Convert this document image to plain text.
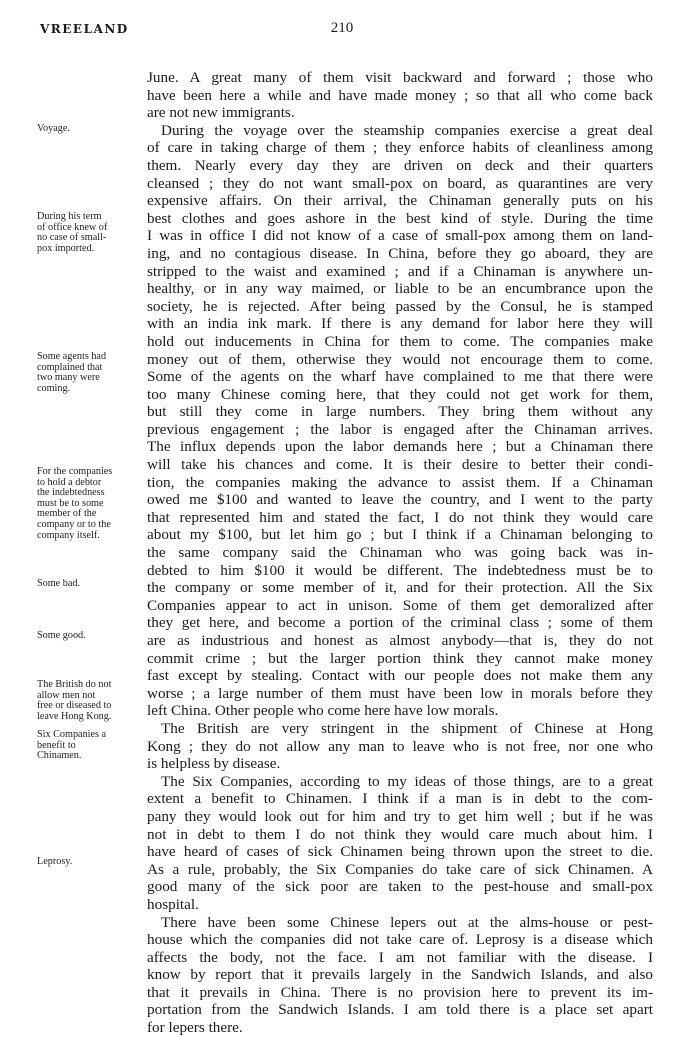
VREELAND	210
June. A great many of them visit backward and forward ; those who
have been here a while and have made money ; so that all who come back
are not new immigrants.
During the voyage over the steamship companies exercise a great deal
of care in taking charge of them ; they enforce habits of cleanliness among
them. Nearly every day they are driven on deck and their quarters
cleansed ; they do not want small-pox on board, as quarantines are very
expensive affairs. On their arrival, the Chinaman generally puts on his
best clothes and goes ashore in the best kind of style. During the time
I was in office I did not know of a case of small-pox among them on land-
ing, and no contagious disease. In China, before they go aboard, they are
stripped to the waist and examined ; and if a Chinaman is anywhere un-
healthy, or in any way maimed, or liable to be an encumbrance upon the
society, he is rejected. After being passed by the Consul, he is stamped
with an india ink mark. If there is any demand for labor here they will
hold out inducements in China for them to come. The companies make
money out of them, otherwise they would not encourage them to come.
Some of the agents on the wharf have complained to me that there were
too many Chinese coming here, that they could not get work for them,
but still they come in large numbers. They bring them without any
previous engagement ; the labor is engaged after the Chinaman arrives.
The influx depends upon the labor demands here ; but a Chinaman there
will take his chances and come. It is their desire to better their condi-
tion, the companies making the advance to assist them. If a Chinaman
owed me $100 and wanted to leave the country, and I went to the party
that represented him and stated the fact, I do not think they would care
about my $100, but let him go ; but I think if a Chinaman belonging to
the same company said the Chinaman who was going back was in-
debted to him $100 it would be different. The indebtedness must be to
the company or some member of it, and for their protection. All the Six
Companies appear to act in unison. Some of them get demoralized after
they get here, and become a portion of the criminal class ; some of them
are as industrious and honest as almost anybody—that is, they do not
commit crime ; but the larger portion think they cannot make money
fast except by stealing. Contact with our people does not make them any
worse ; a large number of them must have been low in morals before they
left China. Other people who come here have low morals.
The British are very stringent in the shipment of Chinese at Hong
Kong ; they do not allow any man to leave who is not free, nor one who
is helpless by disease.
The Six Companies, according to my ideas of those things, are to a great
extent a benefit to Chinamen. I think if a man is in debt to the com-
pany they would look out for him and try to get him well ; but if he was
not in debt to them I do not think they would care much about him. I
have heard of cases of sick Chinamen being thrown upon the street to die.
As a rule, probably, the Six Companies do take care of sick Chinamen. A
good many of the sick poor are taken to the pest-house and small-pox
hospital.
There have been some Chinese lepers out at the alms-house or pest-
house which the companies did not take care of. Leprosy is a disease which
affects the body, not the face. I am not familiar with the disease. I
know by report that it prevails largely in the Sandwich Islands, and also
that it prevails in China. There is no provision here to prevent its im-
portation from the Sandwich Islands. I am told there is a place set apart
for lepers there.
Voyage.
During his term
of office knew of
no case of small-
pox imported.
Some agents had
complained that
two many were
coming.
For the companies
to hold a debtor
the indebtedness
must be to some
member of the
company or to the
company itself.
Some bad.
Some good.
The British do not
allow men not
free or diseased to
leave Hong Kong.
Six Companies a
benefit to
Chinamen.
Leprosy.
